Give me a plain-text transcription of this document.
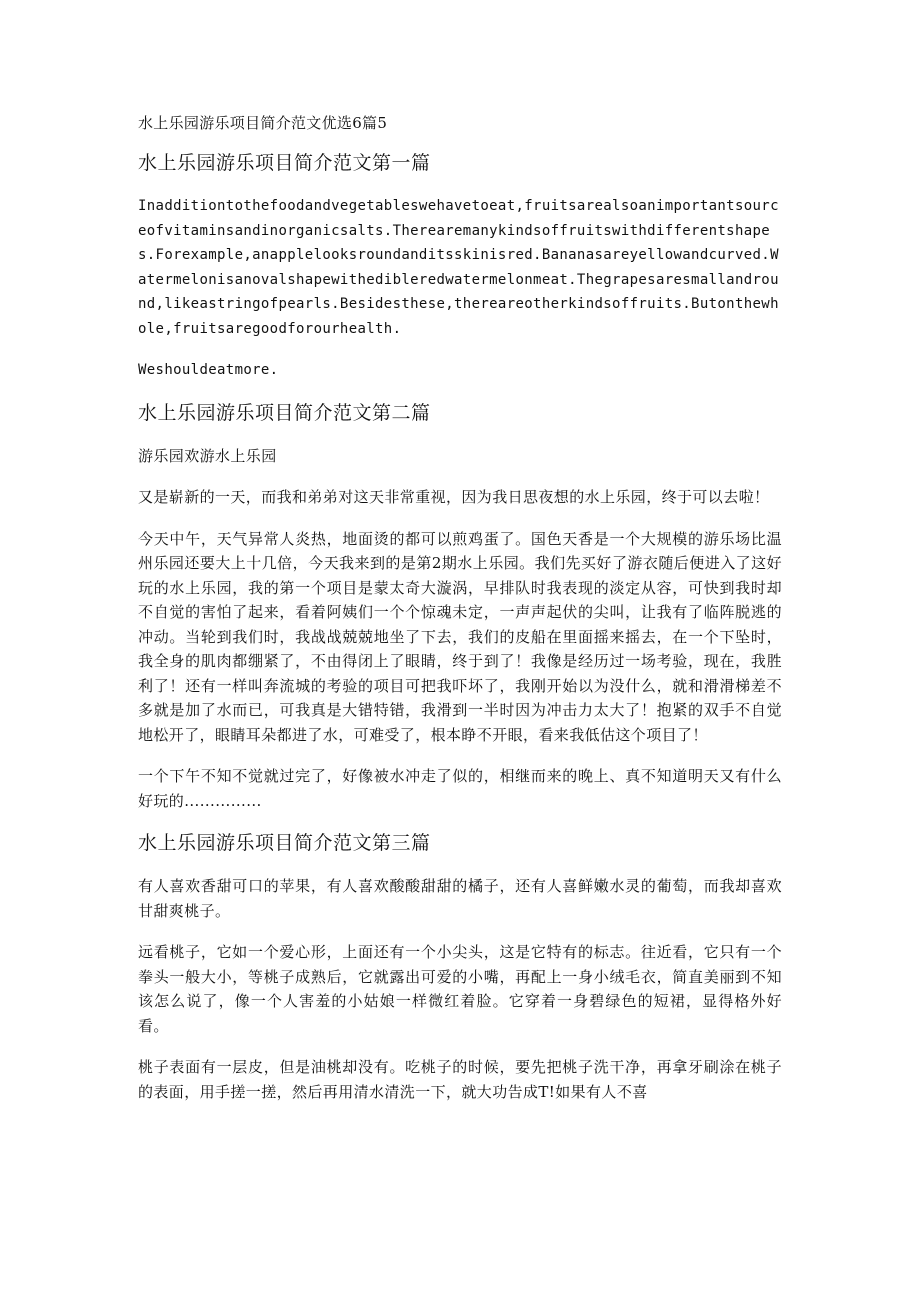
水上乐园游乐项目简介范文优选6篇5
水上乐园游乐项目简介范文第一篇
Inadditiontothefoodandvegetableswehavetoeat,fruitsarealsoanimportantsourceofvitaminsandinorganicsalts.Therearemanykindsoffruitswithdifferentshapes.Forexample,anapplelooksroundanditsskinisred.Bananasareyellowandcurved.Watermelonisanovalshapewithedibleredwatermelonmeat.Thegrapesaresmallandround,likeastringofpearls.Besidesthese,thereareotherkindsoffruits.Butonthewhole,fruitsaregoodforourhealth.
Weshouldeatmore.
水上乐园游乐项目简介范文第二篇
游乐园欢游水上乐园
又是崭新的一天，而我和弟弟对这天非常重视，因为我日思夜想的水上乐园，终于可以去啦！
今天中午，天气异常人炎热，地面烫的都可以煎鸡蛋了。国色天香是一个大规模的游乐场比温州乐园还要大上十几倍，今天我来到的是第2期水上乐园。我们先买好了游衣随后便进入了这好玩的水上乐园，我的第一个项目是蒙太奇大漩涡，早排队时我表现的淡定从容，可快到我时却不自觉的害怕了起来，看着阿姨们一个个惊魂未定，一声声起伏的尖叫，让我有了临阵脱逃的冲动。当轮到我们时，我战战兢兢地坐了下去，我们的皮船在里面摇来摇去，在一个下坠时，我全身的肌肉都绷紧了，不由得闭上了眼睛，终于到了！我像是经历过一场考验，现在，我胜利了！还有一样叫奔流城的考验的项目可把我吓坏了，我刚开始以为没什么，就和滑滑梯差不多就是加了水而已，可我真是大错特错，我滑到一半时因为冲击力太大了！抱紧的双手不自觉地松开了，眼睛耳朵都进了水，可难受了，根本睁不开眼，看来我低估这个项目了！
一个下午不知不觉就过完了，好像被水冲走了似的，相继而来的晚上、真不知道明天又有什么好玩的...............
水上乐园游乐项目简介范文第三篇
有人喜欢香甜可口的苹果，有人喜欢酸酸甜甜的橘子，还有人喜鲜嫩水灵的葡萄，而我却喜欢甘甜爽桃子。
远看桃子，它如一个爱心形，上面还有一个小尖头，这是它特有的标志。往近看，它只有一个拳头一般大小，等桃子成熟后，它就露出可爱的小嘴，再配上一身小绒毛衣，简直美丽到不知该怎么说了，像一个人害羞的小姑娘一样微红着脸。它穿着一身碧绿色的短裙，显得格外好看。
桃子表面有一层皮，但是油桃却没有。吃桃子的时候，要先把桃子洗干净，再拿牙刷涂在桃子的表面，用手搓一搓，然后再用清水清洗一下，就大功告成T!如果有人不喜
